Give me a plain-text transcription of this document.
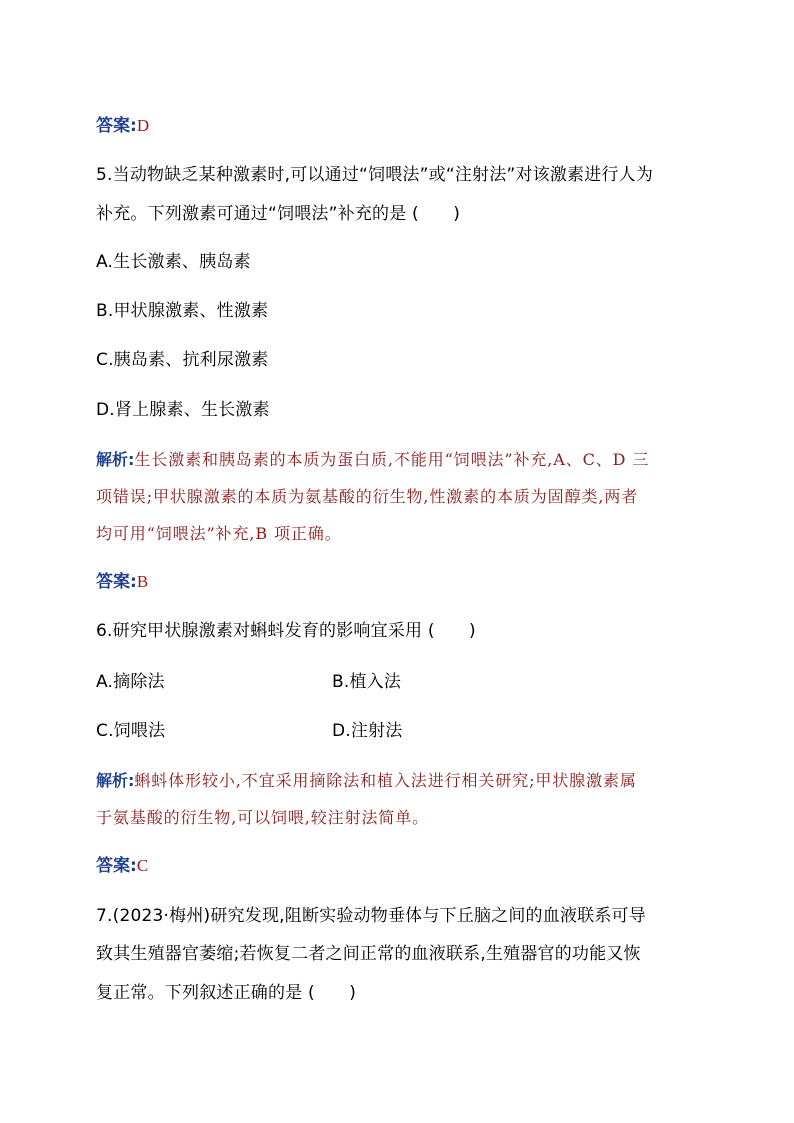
答案:D
5.当动物缺乏某种激素时,可以通过“饲喂法”或“注射法”对该激素进行人为
补充。下列激素可通过“饲喂法”补充的是 (　　)
A.生长激素、胰岛素
B.甲状腺激素、性激素
C.胰岛素、抗利尿激素
D.肾上腺素、生长激素
解析:生长激素和胰岛素的本质为蛋白质,不能用“饲喂法”补充,A、C、D 三
项错误;甲状腺激素的本质为氨基酸的衍生物,性激素的本质为固醇类,两者
均可用“饲喂法”补充,B 项正确。
答案:B
6.研究甲状腺激素对蝌蚪发育的影响宜采用 (　　)
A.摘除法	B.植入法
C.饲喂法	D.注射法
解析:蝌蚪体形较小,不宜采用摘除法和植入法进行相关研究;甲状腺激素属
于氨基酸的衍生物,可以饲喂,较注射法简单。
答案:C
7.(2023·梅州)研究发现,阻断实验动物垂体与下丘脑之间的血液联系可导
致其生殖器官萎缩;若恢复二者之间正常的血液联系,生殖器官的功能又恢
复正常。下列叙述正确的是 (　　)
